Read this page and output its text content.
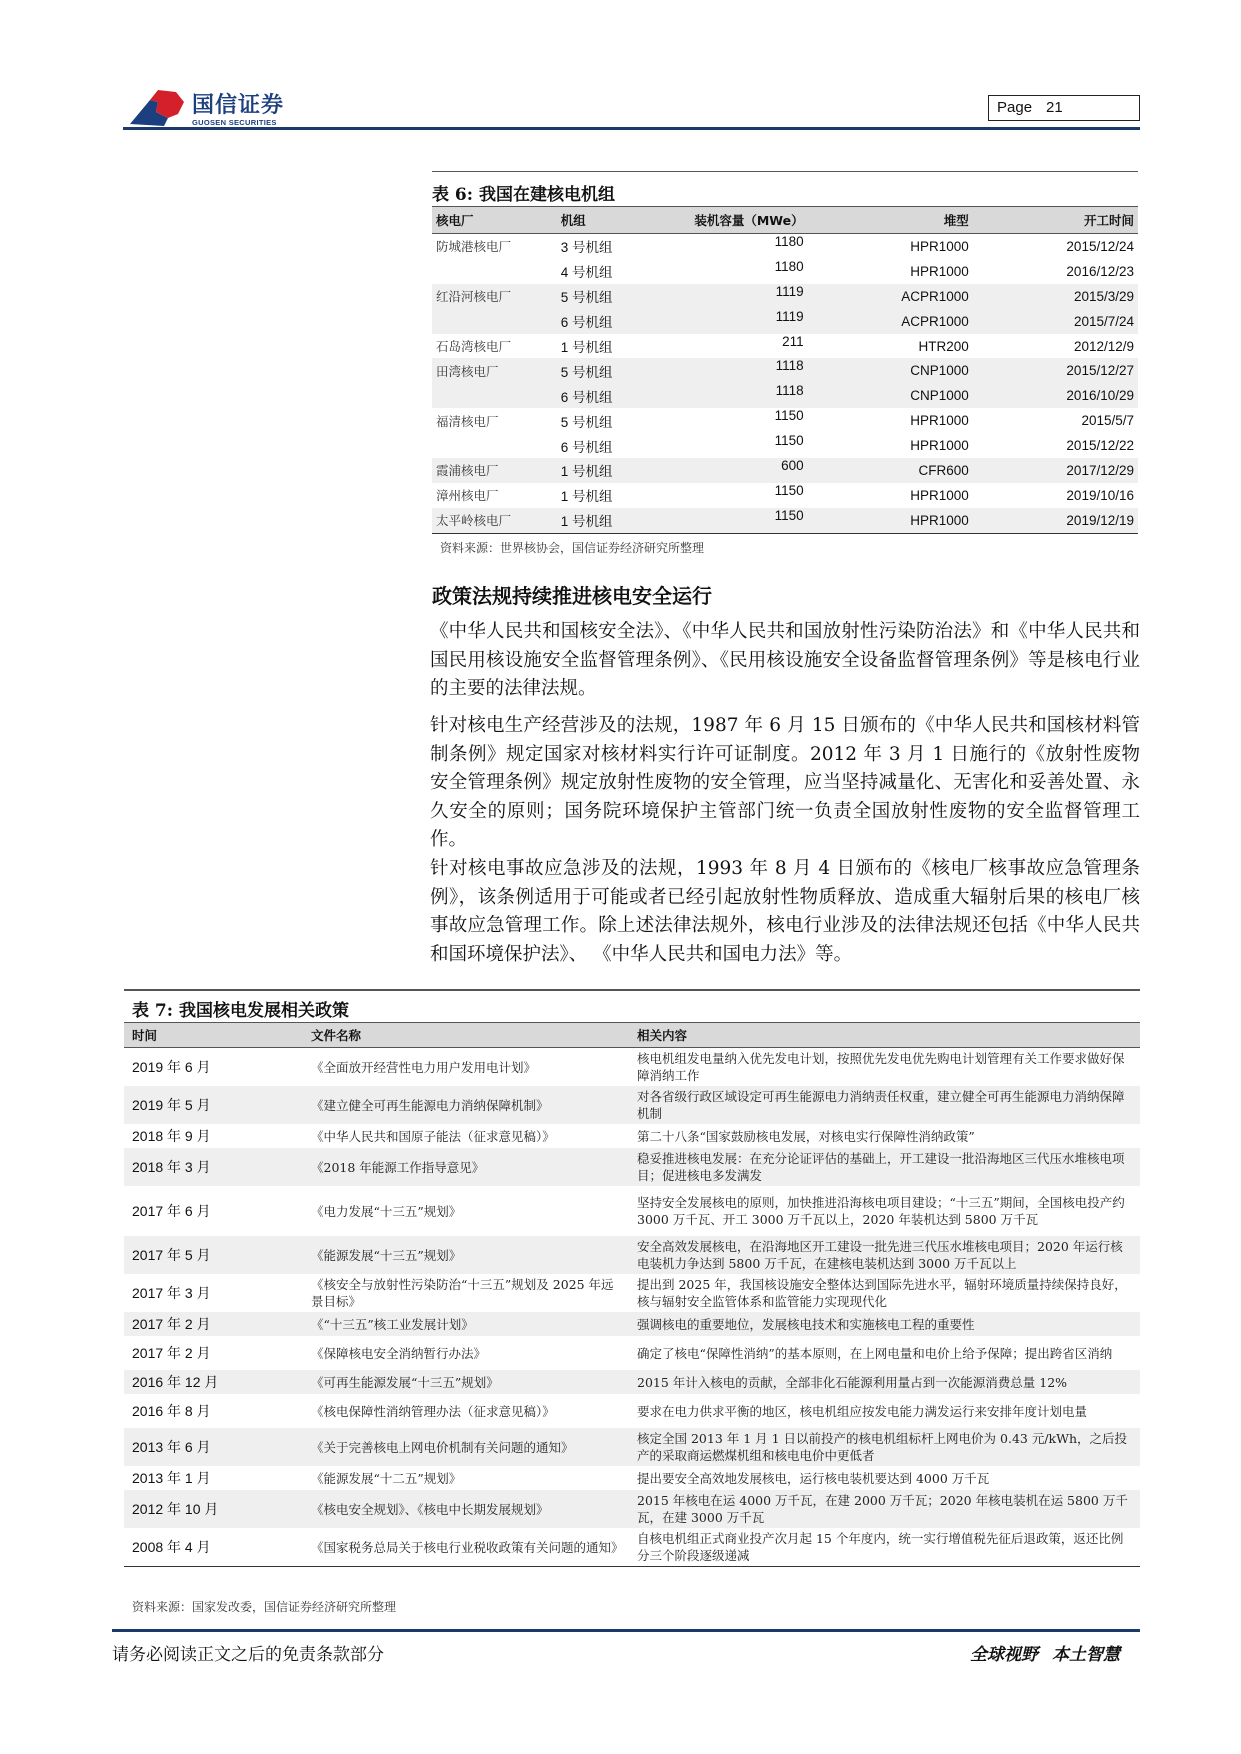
国信证券
GUOSEN SECURITIES
Page 21
表 6: 我国在建核电机组
核电厂	机组	装机容量（MWe）	堆型	开工时间
防城港核电厂	3 号机组	1180	HPR1000	2015/12/24
	4 号机组	1180	HPR1000	2016/12/23
红沿河核电厂	5 号机组	1119	ACPR1000	2015/3/29
	6 号机组	1119	ACPR1000	2015/7/24
石岛湾核电厂	1 号机组	211	HTR200	2012/12/9
田湾核电厂	5 号机组	1118	CNP1000	2015/12/27
	6 号机组	1118	CNP1000	2016/10/29
福清核电厂	5 号机组	1150	HPR1000	2015/5/7
	6 号机组	1150	HPR1000	2015/12/22
霞浦核电厂	1 号机组	600	CFR600	2017/12/29
漳州核电厂	1 号机组	1150	HPR1000	2019/10/16
太平岭核电厂	1 号机组	1150	HPR1000	2019/12/19
资料来源：世界核协会，国信证券经济研究所整理
政策法规持续推进核电安全运行
《中华人民共和国核安全法》、《中华人民共和国放射性污染防治法》和《中华人民共和国民用核设施安全监督管理条例》、《民用核设施安全设备监督管理条例》等是核电行业的主要的法律法规。
针对核电生产经营涉及的法规，1987 年 6 月 15 日颁布的《中华人民共和国核材料管制条例》规定国家对核材料实行许可证制度。2012 年 3 月 1 日施行的《放射性废物安全管理条例》规定放射性废物的安全管理，应当坚持减量化、无害化和妥善处置、永久安全的原则；国务院环境保护主管部门统一负责全国放射性废物的安全监督管理工作。
针对核电事故应急涉及的法规，1993 年 8 月 4 日颁布的《核电厂核事故应急管理条例》，该条例适用于可能或者已经引起放射性物质释放、造成重大辐射后果的核电厂核事故应急管理工作。除上述法律法规外，核电行业涉及的法律法规还包括《中华人民共和国环境保护法》、 《中华人民共和国电力法》等。
表 7: 我国核电发展相关政策
时间	文件名称	相关内容
2019 年 6 月	《全面放开经营性电力用户发用电计划》	核电机组发电量纳入优先发电计划，按照优先发电优先购电计划管理有关工作要求做好保障消纳工作
2019 年 5 月	《建立健全可再生能源电力消纳保障机制》	对各省级行政区域设定可再生能源电力消纳责任权重，建立健全可再生能源电力消纳保障机制
2018 年 9 月	《中华人民共和国原子能法（征求意见稿）》	第二十八条“国家鼓励核电发展，对核电实行保障性消纳政策”
2018 年 3 月	《2018 年能源工作指导意见》	稳妥推进核电发展：在充分论证评估的基础上，开工建设一批沿海地区三代压水堆核电项目；促进核电多发满发
2017 年 6 月	《电力发展“十三五”规划》	坚持安全发展核电的原则，加快推进沿海核电项目建设；“十三五”期间，全国核电投产约 3000 万千瓦、开工 3000 万千瓦以上，2020 年装机达到 5800 万千瓦
2017 年 5 月	《能源发展“十三五”规划》	安全高效发展核电，在沿海地区开工建设一批先进三代压水堆核电项目；2020 年运行核电装机力争达到 5800 万千瓦，在建核电装机达到 3000 万千瓦以上
2017 年 3 月	《核安全与放射性污染防治“十三五”规划及 2025 年远景目标》	提出到 2025 年，我国核设施安全整体达到国际先进水平，辐射环境质量持续保持良好，核与辐射安全监管体系和监管能力实现现代化
2017 年 2 月	《“十三五”核工业发展计划》	强调核电的重要地位，发展核电技术和实施核电工程的重要性
2017 年 2 月	《保障核电安全消纳暂行办法》	确定了核电“保障性消纳”的基本原则，在上网电量和电价上给予保障；提出跨省区消纳
2016 年 12 月	《可再生能源发展“十三五”规划》	2015 年计入核电的贡献，全部非化石能源利用量占到一次能源消费总量 12%
2016 年 8 月	《核电保障性消纳管理办法（征求意见稿）》	要求在电力供求平衡的地区，核电机组应按发电能力满发运行来安排年度计划电量
2013 年 6 月	《关于完善核电上网电价机制有关问题的通知》	核定全国 2013 年 1 月 1 日以前投产的核电机组标杆上网电价为 0.43 元/kWh，之后投产的采取商运燃煤机组和核电电价中更低者
2013 年 1 月	《能源发展“十二五”规划》	提出要安全高效地发展核电，运行核电装机要达到 4000 万千瓦
2012 年 10 月	《核电安全规划》、《核电中长期发展规划》	2015 年核电在运 4000 万千瓦，在建 2000 万千瓦；2020 年核电装机在运 5800 万千瓦，在建 3000 万千瓦
2008 年 4 月	《国家税务总局关于核电行业税收政策有关问题的通知》	自核电机组正式商业投产次月起 15 个年度内，统一实行增值税先征后退政策，返还比例分三个阶段逐级递减
资料来源：国家发改委，国信证券经济研究所整理
请务必阅读正文之后的免责条款部分	全球视野 本土智慧
